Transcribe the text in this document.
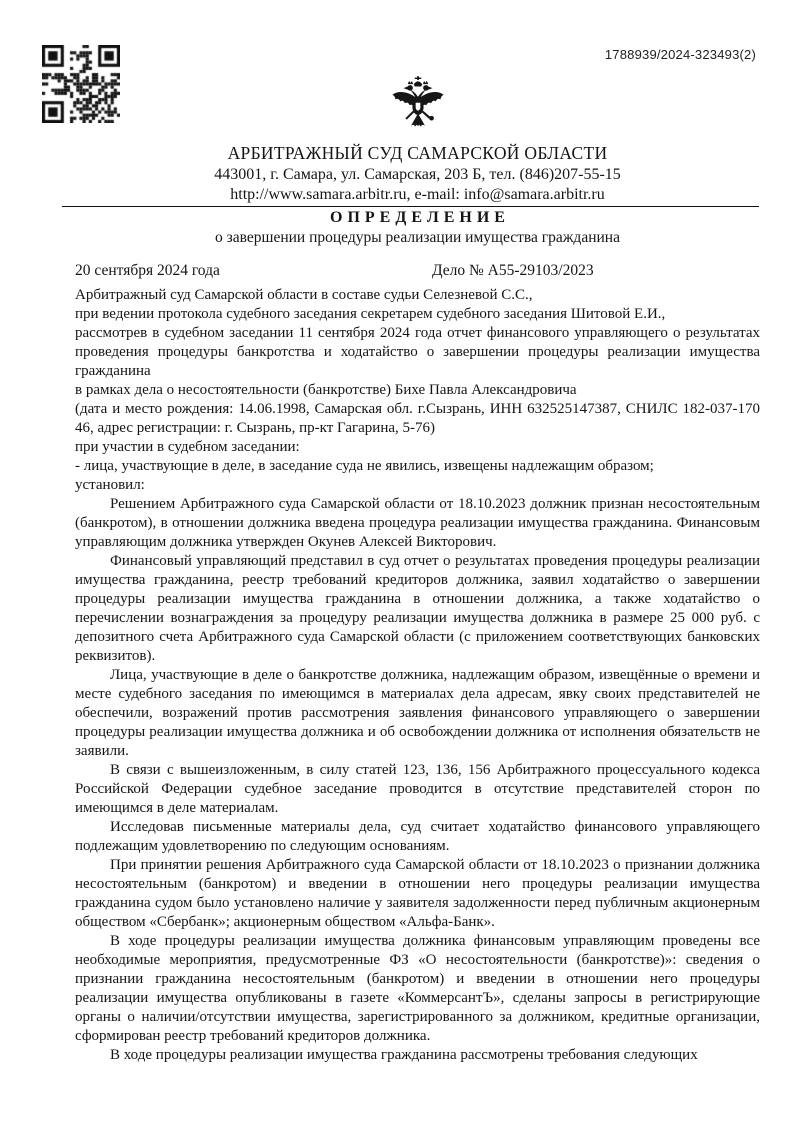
1788939/2024-323493(2)
АРБИТРАЖНЫЙ СУД САМАРСКОЙ ОБЛАСТИ
443001, г. Самара, ул. Самарская, 203 Б, тел. (846)207-55-15
http://www.samara.arbitr.ru, e-mail: info@samara.arbitr.ru
ОПРЕДЕЛЕНИЕ
о завершении процедуры реализации имущества гражданина
20 сентября 2024 года	Дело № А55-29103/2023

Арбитражный суд Самарской области в составе судьи Селезневой С.С.,

при ведении протокола судебного заседания секретарем судебного заседания Шитовой Е.И.,

рассмотрев в судебном заседании 11 сентября 2024 года отчет финансового управляющего о результатах проведения процедуры банкротства и ходатайство о завершении процедуры реализации имущества гражданина

в рамках дела о несостоятельности (банкротстве) Бихе Павла Александровича

(дата и место рождения: 14.06.1998, Самарская обл. г.Сызрань, ИНН 632525147387, СНИЛС 182-037-170 46, адрес регистрации: г. Сызрань, пр-кт Гагарина, 5-76)

при участии в судебном заседании:

- лица, участвующие в деле, в заседание суда не явились, извещены надлежащим образом;

установил:

Решением Арбитражного суда Самарской области от 18.10.2023 должник признан несостоятельным (банкротом), в отношении должника введена процедура реализации имущества гражданина. Финансовым управляющим должника утвержден Окунев Алексей Викторович.

Финансовый управляющий представил в суд отчет о результатах проведения процедуры реализации имущества гражданина, реестр требований кредиторов должника, заявил ходатайство о завершении процедуры реализации имущества гражданина в отношении должника, а также ходатайство о перечислении вознаграждения за процедуру реализации имущества должника в размере 25 000 руб. с депозитного счета Арбитражного суда Самарской области (с приложением соответствующих банковских реквизитов).

Лица, участвующие в деле о банкротстве должника, надлежащим образом, извещённые о времени и месте судебного заседания по имеющимся в материалах дела адресам, явку своих представителей не обеспечили, возражений против рассмотрения заявления финансового управляющего о завершении процедуры реализации имущества должника и об освобождении должника от исполнения обязательств не заявили.

В связи с вышеизложенным, в силу статей 123, 136, 156 Арбитражного процессуального кодекса Российской Федерации судебное заседание проводится в отсутствие представителей сторон по имеющимся в деле материалам.

Исследовав письменные материалы дела, суд считает ходатайство финансового управляющего подлежащим удовлетворению по следующим основаниям.

При принятии решения Арбитражного суда Самарской области от 18.10.2023 о признании должника несостоятельным (банкротом) и введении в отношении него процедуры реализации имущества гражданина судом было установлено наличие у заявителя задолженности перед публичным акционерным обществом «Сбербанк»; акционерным обществом «Альфа-Банк».

В ходе процедуры реализации имущества должника финансовым управляющим проведены все необходимые мероприятия, предусмотренные ФЗ «О несостоятельности (банкротстве)»: сведения о признании гражданина несостоятельным (банкротом) и введении в отношении него процедуры реализации имущества опубликованы в газете «КоммерсантЪ», сделаны запросы в регистрирующие органы о наличии/отсутствии имущества, зарегистрированного за должником, кредитные организации, сформирован реестр требований кредиторов должника.

В ходе процедуры реализации имущества гражданина рассмотрены требования следующих
